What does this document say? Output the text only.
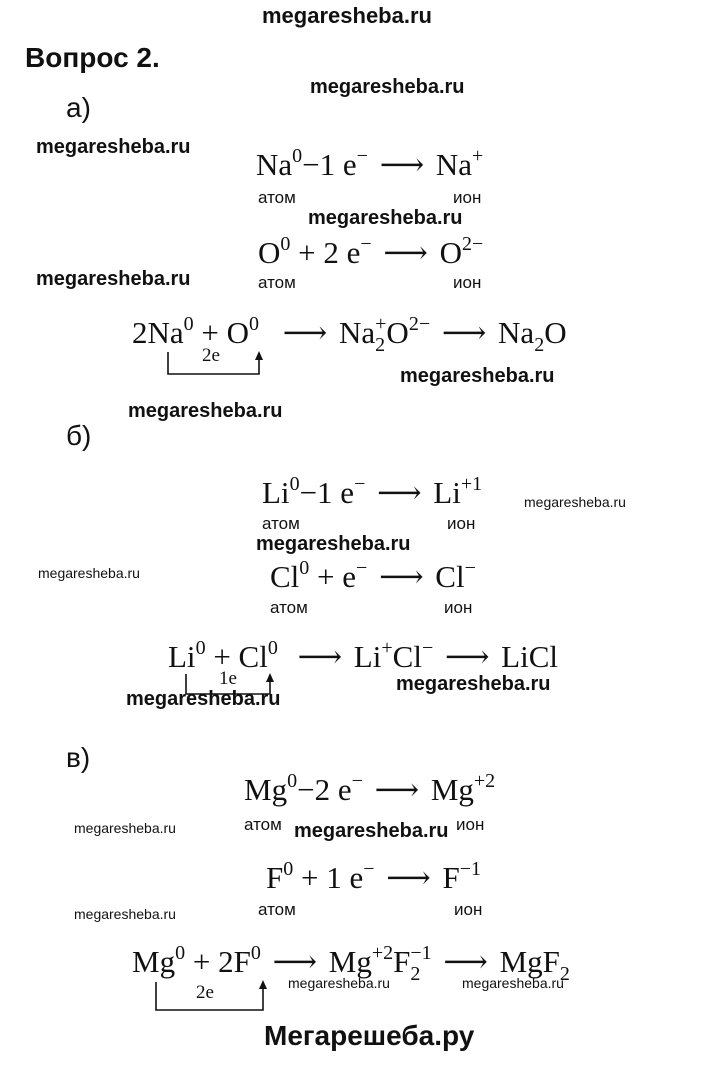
megaresheba.ru
Вопрос 2.
megaresheba.ru
megaresheba.ru
megaresheba.ru
megaresheba.ru
megaresheba.ru
megaresheba.ru
megaresheba.ru
megaresheba.ru
megaresheba.ru
megaresheba.ru
megaresheba.ru
megaresheba.ru	megaresheba.ru
megaresheba.ru
megaresheba.ru	megaresheba.ru
а)
б)
в)
$Na^0-1$ e− ⟶ Na+
атом	ион
$O^0 + 2$ e− ⟶ $O^{2-}$
атом	ион
$2Na^0 + O^0$ ⟶ $Na_2^+O^{2-}$ ⟶ $Na_2O$
2e
$Li^0-1$ e− ⟶ $Li^{+1}$
атом	ион
$Cl^0 + e^-$ ⟶ Cl−
атом	ион
$Li^0 + Cl^0$ ⟶ Li+Cl− ⟶ LiCl
1e
$Mg^0-2$ e− ⟶ $Mg^{+2}$
атом	ион
$F^0 + 1$ e− ⟶ $F^{-1}$
атом	ион
$Mg^0 + 2F^0$ ⟶ $Mg^{+2}F_2^{-1}$ ⟶ MgF$_2$
2e
Мегарешеба.ру
